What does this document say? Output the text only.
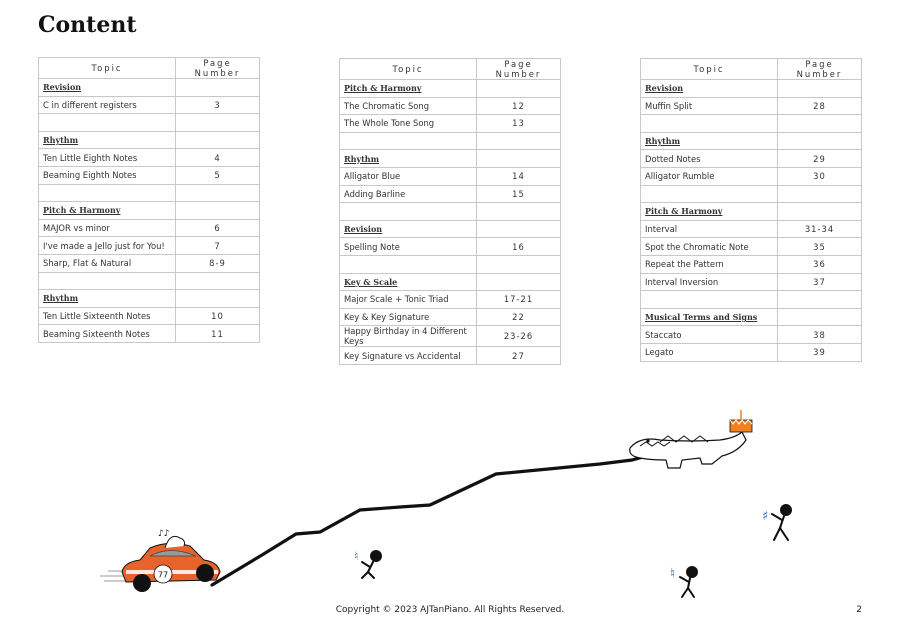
Content
Topic	Page Number
Revision	
C in different registers	3

Rhythm	
Ten Little Eighth Notes	4
Beaming Eighth Notes	5

Pitch & Harmony	
MAJOR vs minor	6
I've made a Jello just for You!	7
Sharp, Flat & Natural	8-9

Rhythm	
Ten Little Sixteenth Notes	10
Beaming Sixteenth Notes	11
Topic	Page Number
Pitch & Harmony	
The Chromatic Song	12
The Whole Tone Song	13

Rhythm	
Alligator Blue	14
Adding Barline	15

Revision	
Spelling Note	16

Key & Scale	
Major Scale + Tonic Triad	17-21
Key & Key Signature	22
Happy Birthday in 4 Different Keys	23-26
Key Signature vs Accidental	27
Topic	Page Number
Revision	
Muffin Split	28

Rhythm	
Dotted Notes	29
Alligator Rumble	30

Pitch & Harmony	
Interval	31-34
Spot the Chromatic Note	35
Repeat the Pattern	36
Interval Inversion	37

Musical Terms and Signs	
Staccato	38
Legato	39
77
♪♪
♮
♮
♯
Copyright © 2023 AJTanPiano. All Rights Reserved.	2
